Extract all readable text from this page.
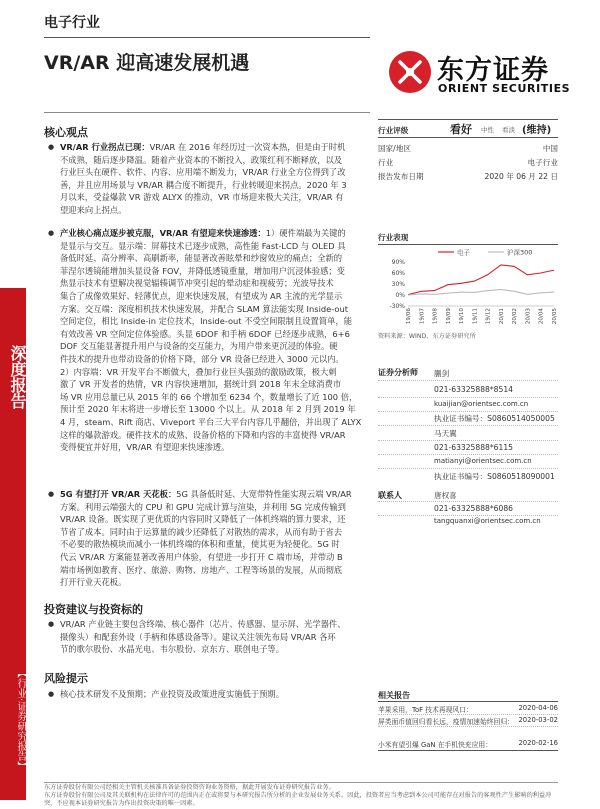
电子行业
VR/AR 迎高速发展机遇	东方证券
ORIENT SECURITIES
深度报告
【行业·证券研究报告】
核心观点
● VR/AR 行业拐点已现：VR/AR 在 2016 年经历过一次资本热，但是由于时机
不成熟，随后逐步降温。随着产业资本的不断投入，政策红利不断释放，以及
行业巨头在硬件、软件、内容、应用端不断发力，VR/AR 行业全方位得到了改
善，并且应用场景与 VR/AR 耦合度不断提升，行业转暖迎来拐点。2020 年 3
月以来，受益爆款 VR 游戏 ALYX 的推动，VR 市场迎来极大关注，VR/AR 有
望迎来向上拐点。
● 产业核心痛点逐步被克服，VR/AR 有望迎来快速渗透：1）硬件端最为关键的
是显示与交互。显示端：屏幕技术已逐步成熟，高性能 Fast-LCD 与 OLED 具
备低时延、高分辨率、高刷新率，能显著改善眩晕和纱窗效应的痛点；全新的
菲涅尔透镜能增加头显设备 FOV，并降低透镜重量，增加用户沉浸体验感；变
焦显示技术有望解决视觉辐辏调节冲突引起的晕动症和视疲劳；光波导技术
集合了成像效果好、轻薄优点，迎来快速发展，有望成为 AR 主流的光学显示
方案。交互端：深度相机技术快速发展，并配合 SLAM 算法能实现 Inside-out
空间定位，相比 Inside-in 定位技术，Inside-out 不受空间限制且设置简单，能
有效改善 VR 空间定位体验感。头显 6DOF 和手柄 6DOF 已经逐步成熟，6+6
DOF 交互能显著提升用户与设备的交互能力，为用户带来更沉浸的体验。硬
件技术的提升也带动设备的价格下降，部分 VR 设备已经进入 3000 元以内。
2）内容端：VR 开发平台不断做大，叠加行业巨头强劲的激励政策，极大刺
激了 VR 开发者的热情，VR 内容快速增加，据统计到 2018 年末全球消费市
场 VR 应用总量已从 2015 年的 66 个增加至 6234 个，数量增长了近 100 倍，
预计至 2020 年末将进一步增长至 13000 个以上。从 2018 年 2 月到 2019 年
4 月，steam、Rift 商店、Viveport 平台三大平台内容几乎翻倍，并出现了 ALYX
这样的爆款游戏。硬件技术的成熟、设备价格的下降和内容的丰富使得 VR/AR
变得便宜并好用，VR/AR 有望迎来快速渗透。
● 5G 有望打开 VR/AR 天花板：5G 具备低时延、大宽带特性能实现云端 VR/AR
方案。利用云端强大的 CPU 和 GPU 完成计算与渲染，并利用 5G 完成传输到
VR/AR 设备。既实现了更优质的内容同时又降低了一体机终端的算力要求，还
节省了成本。同时由于运算量的减少还降低了对散热的需求，从而有助于省去
不必要的散热模块而减小一体机终端的体积和重量，使其更为轻便化。5G 时
代云 VR/AR 方案能显著改善用户体验，有望进一步打开 C 端市场，并带动 B
端市场例如教育、医疗、旅游、购物、房地产、工程等场景的发展，从而彻底
打开行业天花板。
投资建议与投资标的
● VR/AR 产业链主要包含终端、核心器件（芯片、传感器、显示屏、光学器件、
摄像头）和配套外设（手柄和体感设备等）。建议关注领先布局 VR/AR 各环
节的歌尔股份、水晶光电、韦尔股份、京东方、联创电子等。
风险提示
● 核心技术研发不及预期；产业投资及政策进度实施低于预期。
行业评级	看好 中性 看淡 (维持)
国家/地区	中国
行业	电子行业
报告发布日期	2020 年 06 月 22 日
行业表现
电子	沪深300
90%
60%
30%
0%
-30%
19/06 19/07 19/08 19/09 19/10 19/11 19/12 20/01 20/02 20/03 20/04 20/05
资料来源：WIND、东方证券研究所
证券分析师 蒯剑
021-63325888*8514
kuaijian@orientsec.com.cn
执业证书编号：S0860514050005
马天翼
021-63325888*6115
matianyi@orientsec.com.cn
执业证书编号：S0860518090001
联系人	唐权喜
021-63325888*6086
tangquanxi@orientsec.com.cn
相关报告
苹果采用，ToF 技术再现风口：	2020-04-06
屏类面币值回归看长远，疫情加速始终回归： 2020-03-02
小米有望引爆 GaN 在手机快充应用：	2020-02-16
东方证券股份有限公司经相关主管机关核准具备证券投资咨询业务资格，据此开展发布证券研究报告业务。
东方证券股份有限公司及其关联机构在法律许可的范围内正在或将要与本研究报告所分析的企业发展业务关系。因此，投资者应当考虑到本公司可能存在对报告的客观性产生影响的利益冲突，不应视本证券研究报告为作出投资决策的唯一因素。
